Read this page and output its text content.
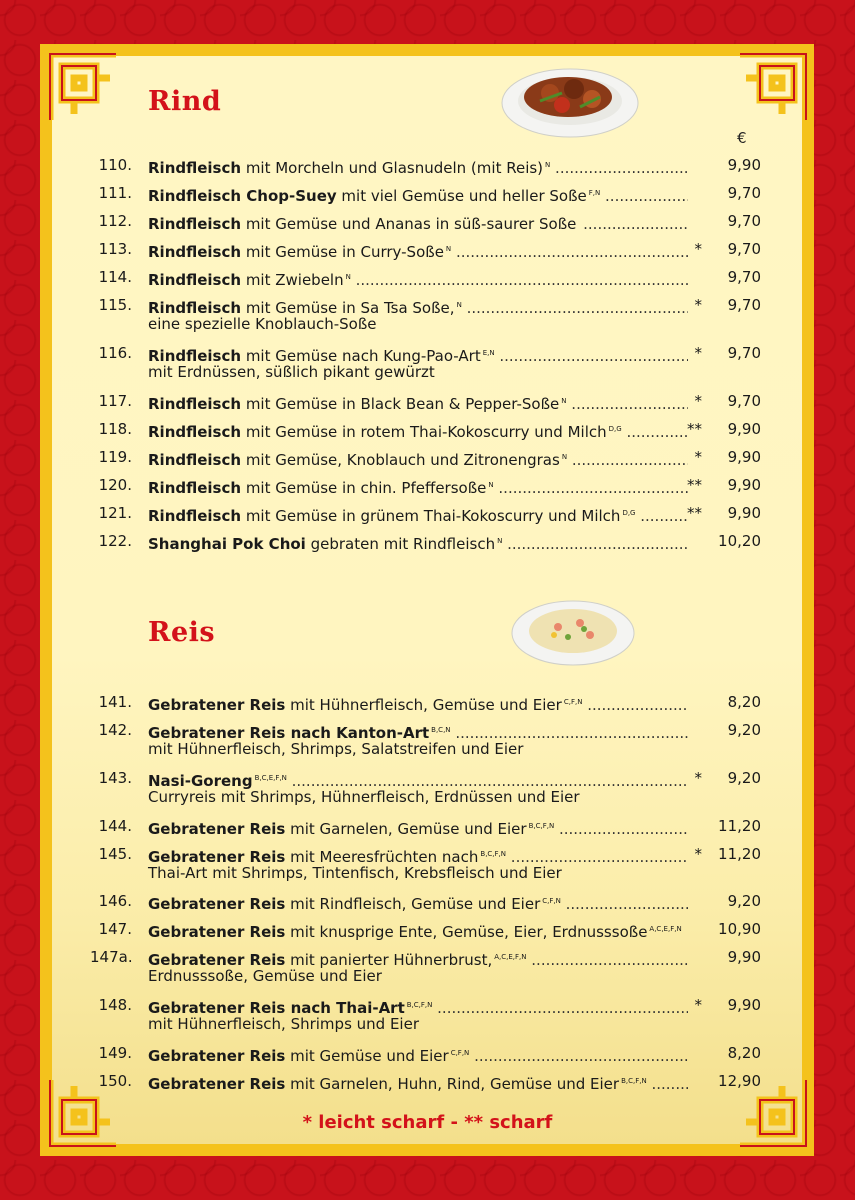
Rind
€
110. Rindfleisch mit Morcheln und Glasnudeln (mit Reis) $^N$ .....	9,90
111. Rindfleisch Chop-Suey mit viel Gemüse und heller Soße $^{F,N}$ .....	9,70
112. Rindfleisch mit Gemüse und Ananas in süß-saurer Soße .....	9,70
113. Rindfleisch mit Gemüse in Curry-Soße $^N$ .....	*	9,70
114. Rindfleisch mit Zwiebeln $^N$ .....	9,70
115. Rindfleisch mit Gemüse in Sa Tsa Soße, $^N$ .....	*	9,70
eine spezielle Knoblauch-Soße
116. Rindfleisch mit Gemüse nach Kung-Pao-Art $^{E,N}$ .....	*	9,70
mit Erdnüssen, süßlich pikant gewürzt
117. Rindfleisch mit Gemüse in Black Bean & Pepper-Soße $^N$ .....	*	9,70
118. Rindfleisch mit Gemüse in rotem Thai-Kokoscurry und Milch $^{D,G}$ .....	**	9,90
119. Rindfleisch mit Gemüse, Knoblauch und Zitronengras $^N$ .....	*	9,90
120. Rindfleisch mit Gemüse in chin. Pfeffersoße $^N$ .....	**	9,90
121. Rindfleisch mit Gemüse in grünem Thai-Kokoscurry und Milch $^{D,G}$ .....	**	9,90
122. Shanghai Pok Choi gebraten mit Rindfleisch $^N$ .....	10,20
Reis
141. Gebratener Reis mit Hühnerfleisch, Gemüse und Eier $^{C,F,N}$ .....	8,20
142. Gebratener Reis nach Kanton-Art $^{B,C,N}$ .....	9,20
mit Hühnerfleisch, Shrimps, Salatstreifen und Eier
143. Nasi-Goreng $^{B,C,E,F,N}$ .....	*	9,20
Curryreis mit Shrimps, Hühnerfleisch, Erdnüssen und Eier
144. Gebratener Reis mit Garnelen, Gemüse und Eier $^{B,C,F,N}$ .....	11,20
145. Gebratener Reis mit Meeresfrüchten nach $^{B,C,F,N}$ .....	*	11,20
Thai-Art mit Shrimps, Tintenfisch, Krebsfleisch und Eier
146. Gebratener Reis mit Rindfleisch, Gemüse und Eier $^{C,F,N}$ .....	9,20
147. Gebratener Reis mit knusprige Ente, Gemüse, Eier, Erdnusssoße $^{A,C,E,F,N}$ .....	10,90
147a. Gebratener Reis mit panierter Hühnerbrust, $^{A,C,E,F,N}$ .....	9,90
Erdnusssoße, Gemüse und Eier
148. Gebratener Reis nach Thai-Art $^{B,C,F,N}$ .....	*	9,90
mit Hühnerfleisch, Shrimps und Eier
149. Gebratener Reis mit Gemüse und Eier $^{C,F,N}$ .....	8,20
150. Gebratener Reis mit Garnelen, Huhn, Rind, Gemüse und Eier $^{B,C,F,N}$ .....	12,90
* leicht scharf - ** scharf
